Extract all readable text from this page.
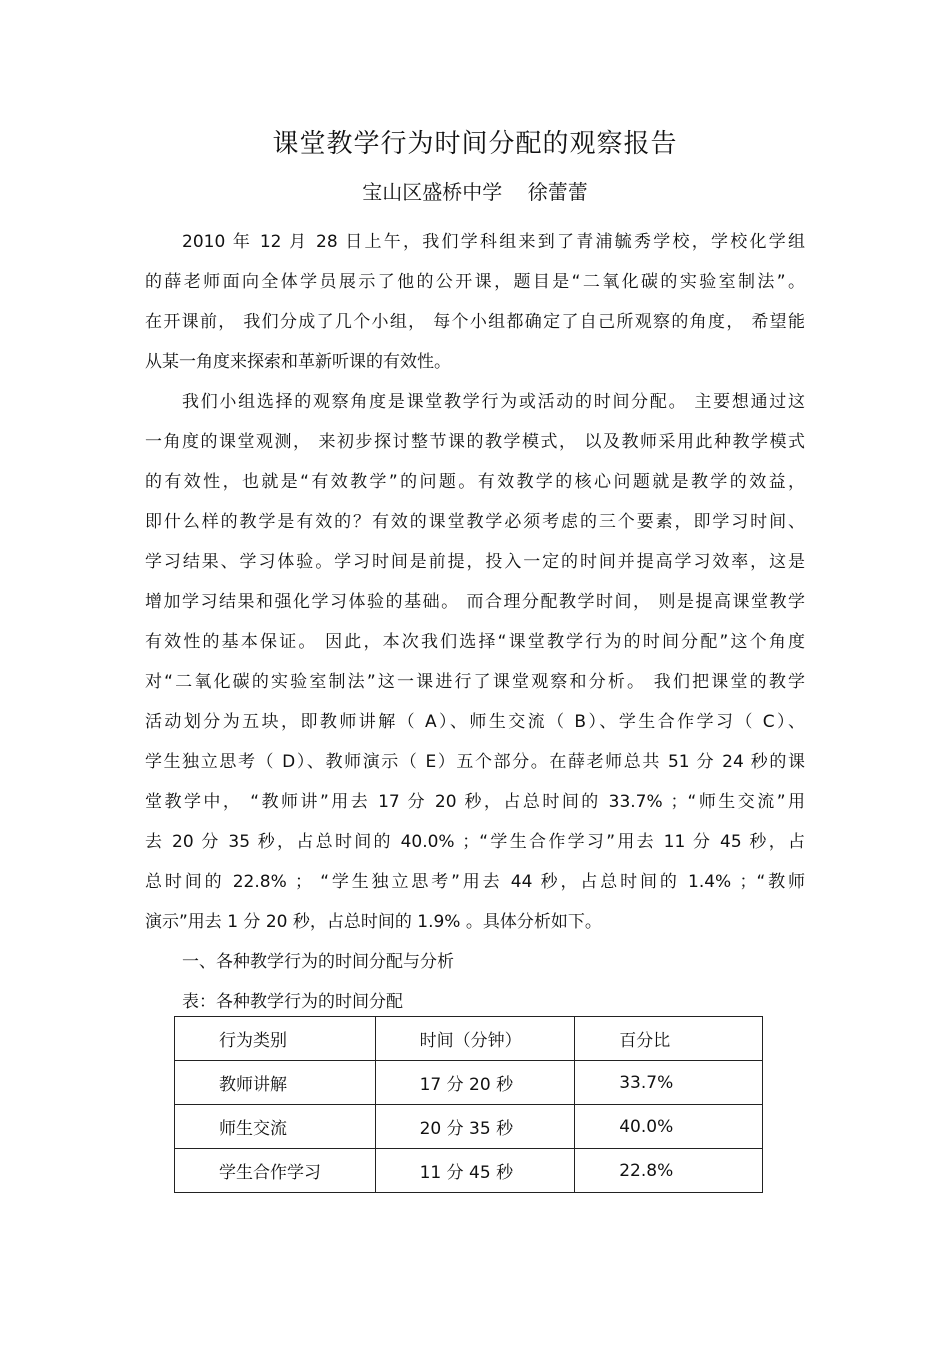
课堂教学行为时间分配的观察报告
宝山区盛桥中学    徐蕾蕾
2010 年 12 月 28 日上午，我们学科组来到了青浦毓秀学校，学校化学组
的薛老师面向全体学员展示了他的公开课，题目是“二氧化碳的实验室制法”。
在开课前， 我们分成了几个小组， 每个小组都确定了自己所观察的角度， 希望能
从某一角度来探索和革新听课的有效性。
我们小组选择的观察角度是课堂教学行为或活动的时间分配。 主要想通过这
一角度的课堂观测， 来初步探讨整节课的教学模式， 以及教师采用此种教学模式
的有效性，也就是“有效教学”的问题。有效教学的核心问题就是教学的效益，
即什么样的教学是有效的？有效的课堂教学必须考虑的三个要素，即学习时间、
学习结果、学习体验。学习时间是前提，投入一定的时间并提高学习效率，这是
增加学习结果和强化学习体验的基础。 而合理分配教学时间， 则是提高课堂教学
有效性的基本保证。 因此，本次我们选择“课堂教学行为的时间分配”这个角度
对“二氧化碳的实验室制法”这一课进行了课堂观察和分析。 我们把课堂的教学
活动划分为五块，即教师讲解（ A）、师生交流（ B）、学生合作学习（ C）、
学生独立思考（ D）、教师演示（ E）五个部分。在薛老师总共 51 分 24 秒的课
堂教学中， “教师讲”用去 17 分 20 秒，占总时间的 33.7% ；“师生交流”用
去 20 分 35 秒，占总时间的 40.0% ；“学生合作学习”用去 11 分 45 秒，占
总时间的 22.8% ； “学生独立思考”用去 44 秒，占总时间的 1.4% ；“教师
演示”用去 1 分 20 秒，占总时间的 1.9% 。具体分析如下。
一、各种教学行为的时间分配与分析
表：各种教学行为的时间分配
行为类别	时间（分钟）	百分比
教师讲解	17 分 20 秒	33.7%
师生交流	20 分 35 秒	40.0%
学生合作学习	11 分 45 秒	22.8%
